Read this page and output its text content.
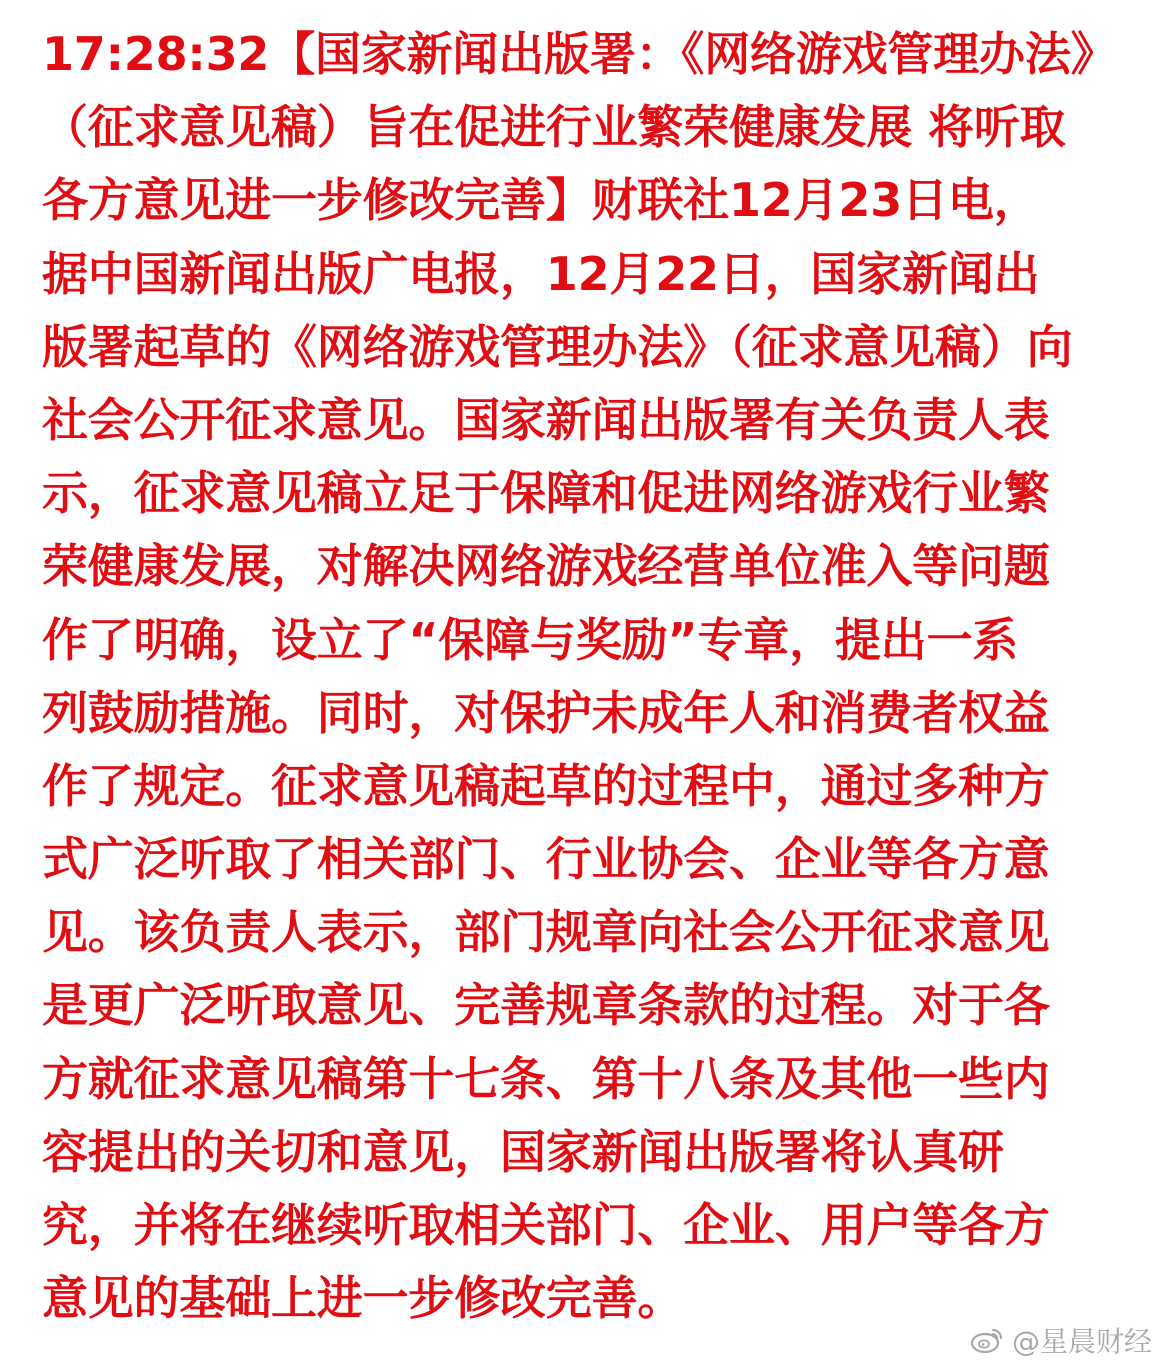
17:28:32【国家新闻出版署：《网络游戏管理办法》
（征求意见稿）旨在促进行业繁荣健康发展 将听取
各方意见进一步修改完善】财联社12月23日电，
据中国新闻出版广电报，12月22日，国家新闻出
版署起草的《网络游戏管理办法》（征求意见稿）向
社会公开征求意见。国家新闻出版署有关负责人表
示，征求意见稿立足于保障和促进网络游戏行业繁
荣健康发展，对解决网络游戏经营单位准入等问题
作了明确，设立了“保障与奖励”专章，提出一系
列鼓励措施。同时，对保护未成年人和消费者权益
作了规定。征求意见稿起草的过程中，通过多种方
式广泛听取了相关部门、行业协会、企业等各方意
见。该负责人表示，部门规章向社会公开征求意见
是更广泛听取意见、完善规章条款的过程。对于各
方就征求意见稿第十七条、第十八条及其他一些内
容提出的关切和意见，国家新闻出版署将认真研
究，并将在继续听取相关部门、企业、用户等各方
意见的基础上进一步修改完善。
@星晨财经
